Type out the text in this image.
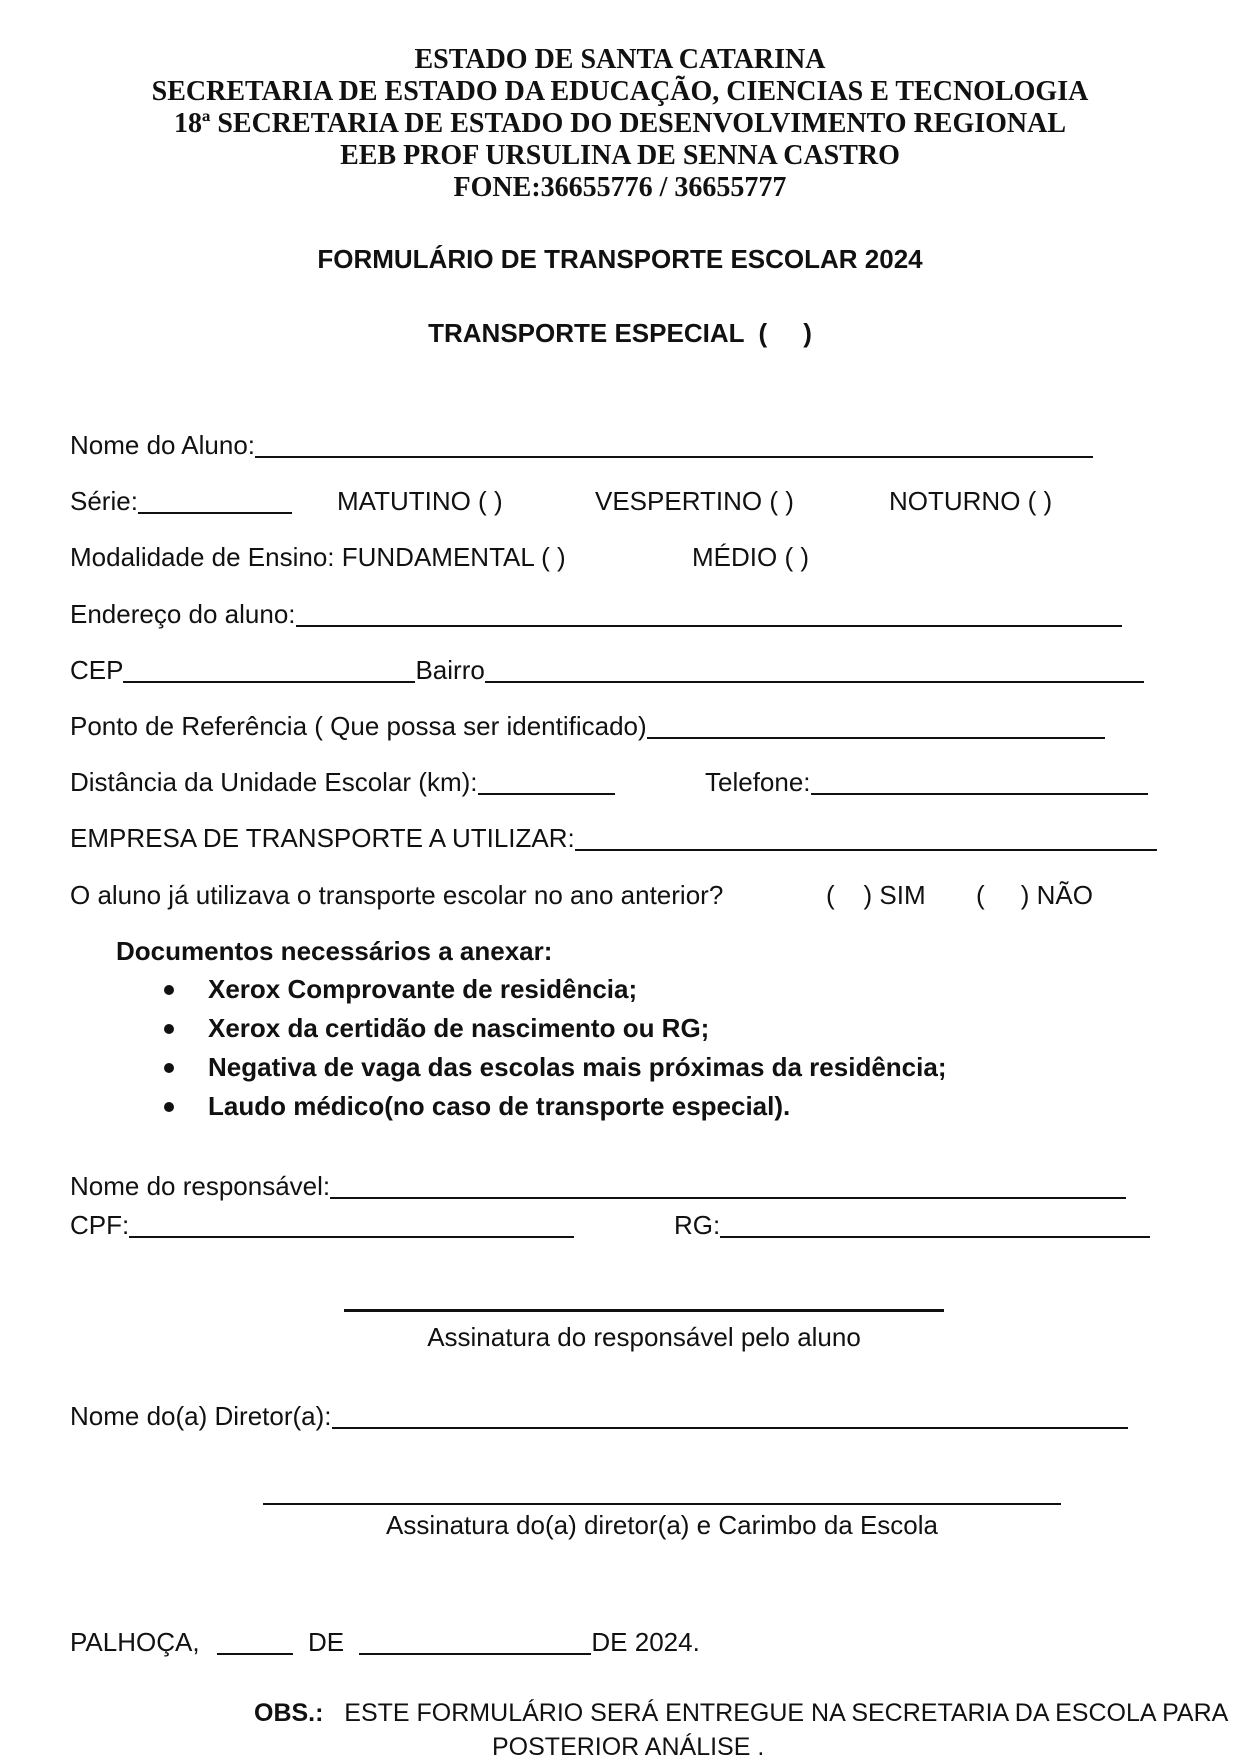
ESTADO DE SANTA CATARINA
SECRETARIA DE ESTADO DA EDUCAÇÃO, CIENCIAS E TECNOLOGIA
18ª SECRETARIA DE ESTADO DO DESENVOLVIMENTO REGIONAL
EEB PROF URSULINA DE SENNA CASTRO
FONE:36655776 / 36655777
FORMULÁRIO DE TRANSPORTE ESCOLAR 2024
TRANSPORTE ESPECIAL  (     )
Nome do Aluno:
Série:	MATUTINO ( )	VESPERTINO ( )	NOTURNO ( )
Modalidade de Ensino: FUNDAMENTAL ( )	MÉDIO ( )
Endereço do aluno:
CEP	Bairro
Ponto de Referência ( Que possa ser identificado)
Distância da Unidade Escolar (km):	Telefone:
EMPRESA DE TRANSPORTE A UTILIZAR:
O aluno já utilizava o transporte escolar no ano anterior?	(    ) SIM (     ) NÃO
Documentos necessários a anexar:
Xerox Comprovante de residência;
Xerox da certidão de nascimento ou RG;
Negativa de vaga das escolas mais próximas da residência;
Laudo médico(no caso de transporte especial).
Nome do responsável:
CPF:	RG:
Assinatura do responsável pelo aluno
Nome do(a) Diretor(a):
Assinatura do(a) diretor(a) e Carimbo da Escola
PALHOÇA,	DE	DE 2024.
OBS.: ESTE FORMULÁRIO SERÁ ENTREGUE NA SECRETARIA DA ESCOLA PARA
POSTERIOR ANÁLISE .
